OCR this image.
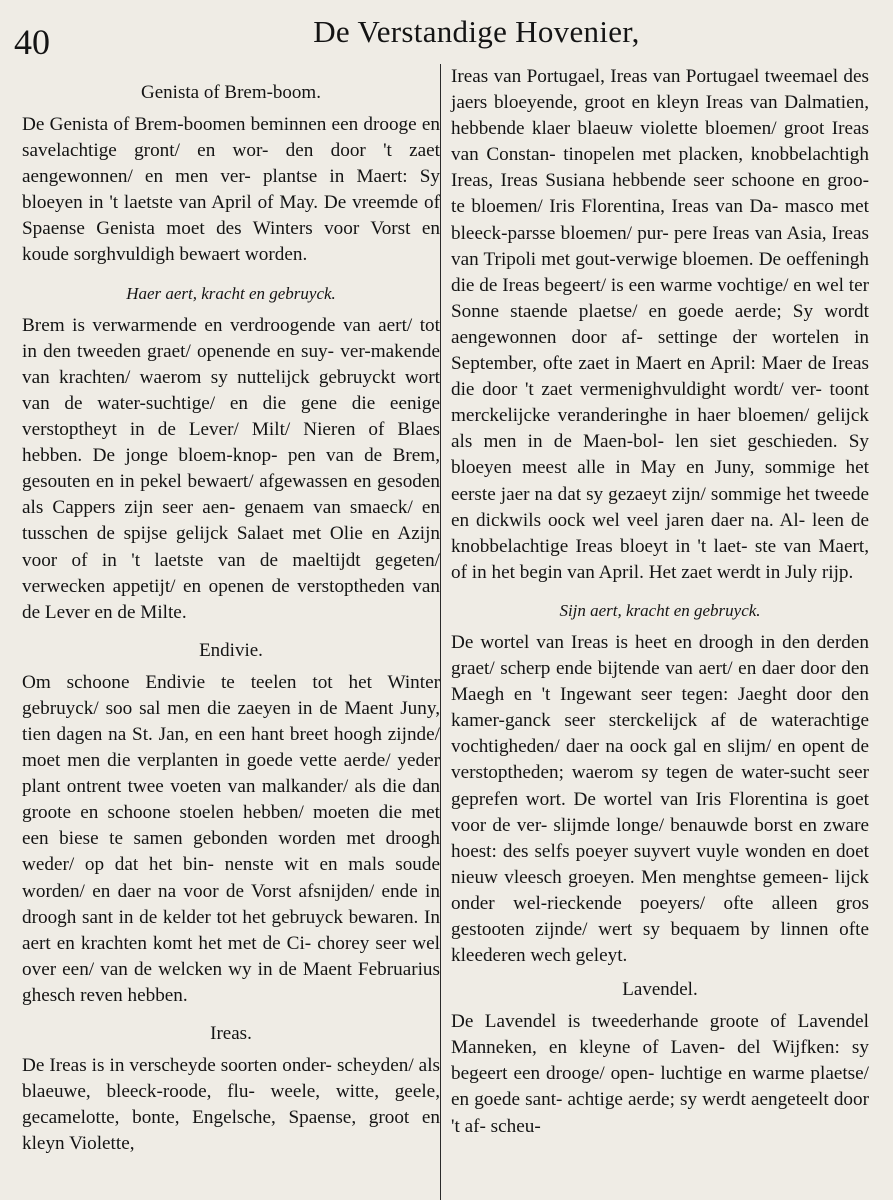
40	De Verstandige Hovenier,
Genista of Brem-boom.

De Genista of Brem-boomen beminnen een drooge en savelachtige gront/ en wor- den door 't zaet aengewonnen/ en men ver- plantse in Maert: Sy bloeyen in 't laetste van April of May. De vreemde of Spaense Genista moet des Winters voor Vorst en koude sorghvuldigh bewaert worden.

Haer aert, kracht en gebruyck.

Brem is verwarmende en verdroogende van aert/ tot in den tweeden graet/ openende en suy- ver-makende van krachten/ waerom sy nuttelijck gebruyckt wort van de water-suchtige/ en die gene die eenige verstoptheyt in de Lever/ Milt/ Nieren of Blaes hebben. De jonge bloem-knop- pen van de Brem, gesouten en in pekel bewaert/ afgewassen en gesoden als Cappers zijn seer aen- genaem van smaeck/ en tusschen de spijse gelijck Salaet met Olie en Azijn voor of in 't laetste van de maeltijdt gegeten/ verwecken appetijt/ en openen de verstoptheden van de Lever en de Milte.

Endivie.

Om schoone Endivie te teelen tot het Winter gebruyck/ soo sal men die zaeyen in de Maent Juny, tien dagen na St. Jan, en een hant breet hoogh zijnde/ moet men die verplanten in goede vette aerde/ yeder plant ontrent twee voeten van malkander/ als die dan groote en schoone stoelen hebben/ moeten die met een biese te samen gebonden worden met droogh weder/ op dat het bin- nenste wit en mals soude worden/ en daer na voor de Vorst afsnijden/ ende in droogh sant in de kelder tot het gebruyck bewaren. In aert en krachten komt het met de Ci- chorey seer wel over een/ van de welcken wy in de Maent Februarius ghesch reven hebben.

Ireas.

De Ireas is in verscheyde soorten onder- scheyden/ als blaeuwe, bleeck-roode, flu- weele, witte, geele, gecamelotte, bonte, Engelsche, Spaense, groot en kleyn Violette,

Ireas van Portugael, Ireas van Portugael tweemael des jaers bloeyende, groot en kleyn Ireas van Dalmatien, hebbende klaer blaeuw violette bloemen/ groot Ireas van Constan- tinopelen met placken, knobbelachtigh Ireas, Ireas Susiana hebbende seer schoone en groo- te bloemen/ Iris Florentina, Ireas van Da- masco met bleeck-parsse bloemen/ pur- pere Ireas van Asia, Ireas van Tripoli met gout-verwige bloemen. De oeffeningh die de Ireas begeert/ is een warme vochtige/ en wel ter Sonne staende plaetse/ en goede aerde; Sy wordt aengewonnen door af- settinge der wortelen in September, ofte zaet in Maert en April: Maer de Ireas die door 't zaet vermenighvuldight wordt/ ver- toont merckelijcke veranderinghe in haer bloemen/ gelijck als men in de Maen-bol- len siet geschieden. Sy bloeyen meest alle in May en Juny, sommige het eerste jaer na dat sy gezaeyt zijn/ sommige het tweede en dickwils oock wel veel jaren daer na. Al- leen de knobbelachtige Ireas bloeyt in 't laet- ste van Maert, of in het begin van April. Het zaet werdt in July rijp.

Sijn aert, kracht en gebruyck.

De wortel van Ireas is heet en droogh in den derden graet/ scherp ende bijtende van aert/ en daer door den Maegh en 't Ingewant seer tegen: Jaeght door den kamer-ganck seer sterckelijck af de waterachtige vochtigheden/ daer na oock gal en slijm/ en opent de verstoptheden; waerom sy tegen de water-sucht seer geprefen wort. De wortel van Iris Florentina is goet voor de ver- slijmde longe/ benauwde borst en zware hoest: des selfs poeyer suyvert vuyle wonden en doet nieuw vleesch groeyen. Men menghtse gemeen- lijck onder wel-rieckende poeyers/ ofte alleen gros gestooten zijnde/ wert sy bequaem by linnen ofte kleederen wech geleyt.

Lavendel.

De Lavendel is tweederhande groote of Lavendel Manneken, en kleyne of Laven- del Wijfken: sy begeert een drooge/ open- luchtige en warme plaetse/ en goede sant- achtige aerde; sy werdt aengeteelt door 't af- scheu-
